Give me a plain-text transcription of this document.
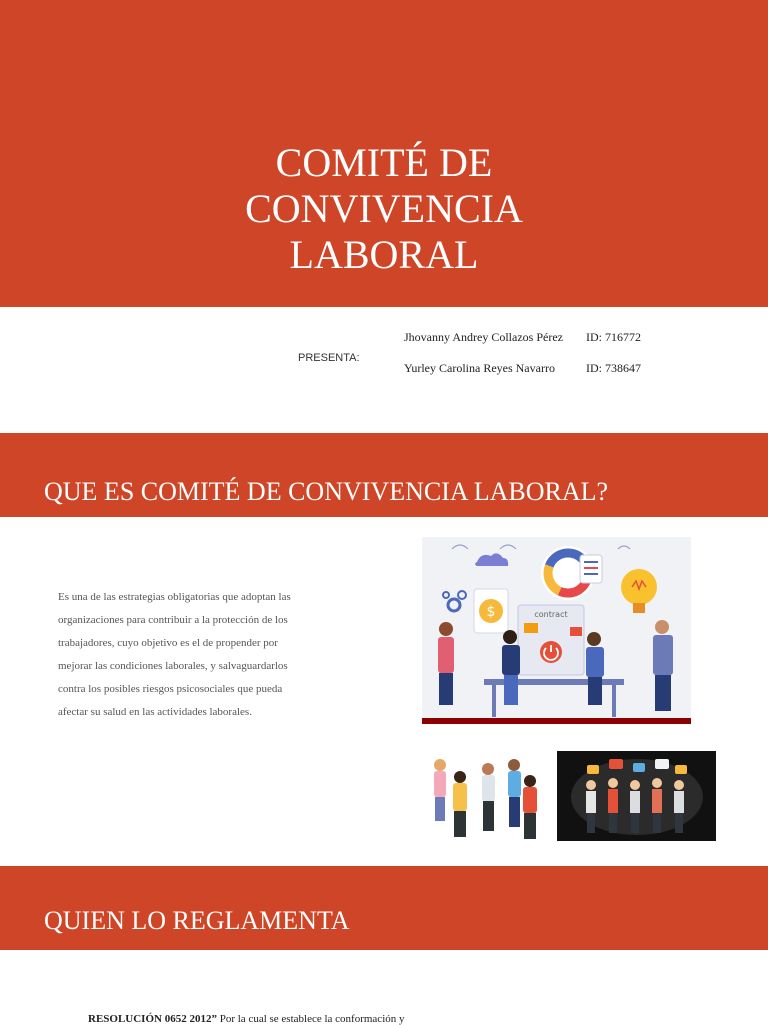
COMITÉ DE
CONVIVENCIA
LABORAL
PRESENTA:
Jhovanny Andrey Collazos Pérez ID: 716772
Yurley Carolina Reyes Navarro	ID: 738647
QUE ES COMITÉ DE CONVIVENCIA LABORAL?
Es una de las estrategias obligatorias que adoptan las
organizaciones para contribuir a la protección de los
trabajadores, cuyo objetivo es el de propender por
mejorar las condiciones laborales, y salvaguardarlos
contra los posibles riesgos psicosociales que pueda
afectar su salud en las actividades laborales.
$	contract
QUIEN LO REGLAMENTA
RESOLUCIÓN 0652 2012” Por la cual se establece la conformación y
